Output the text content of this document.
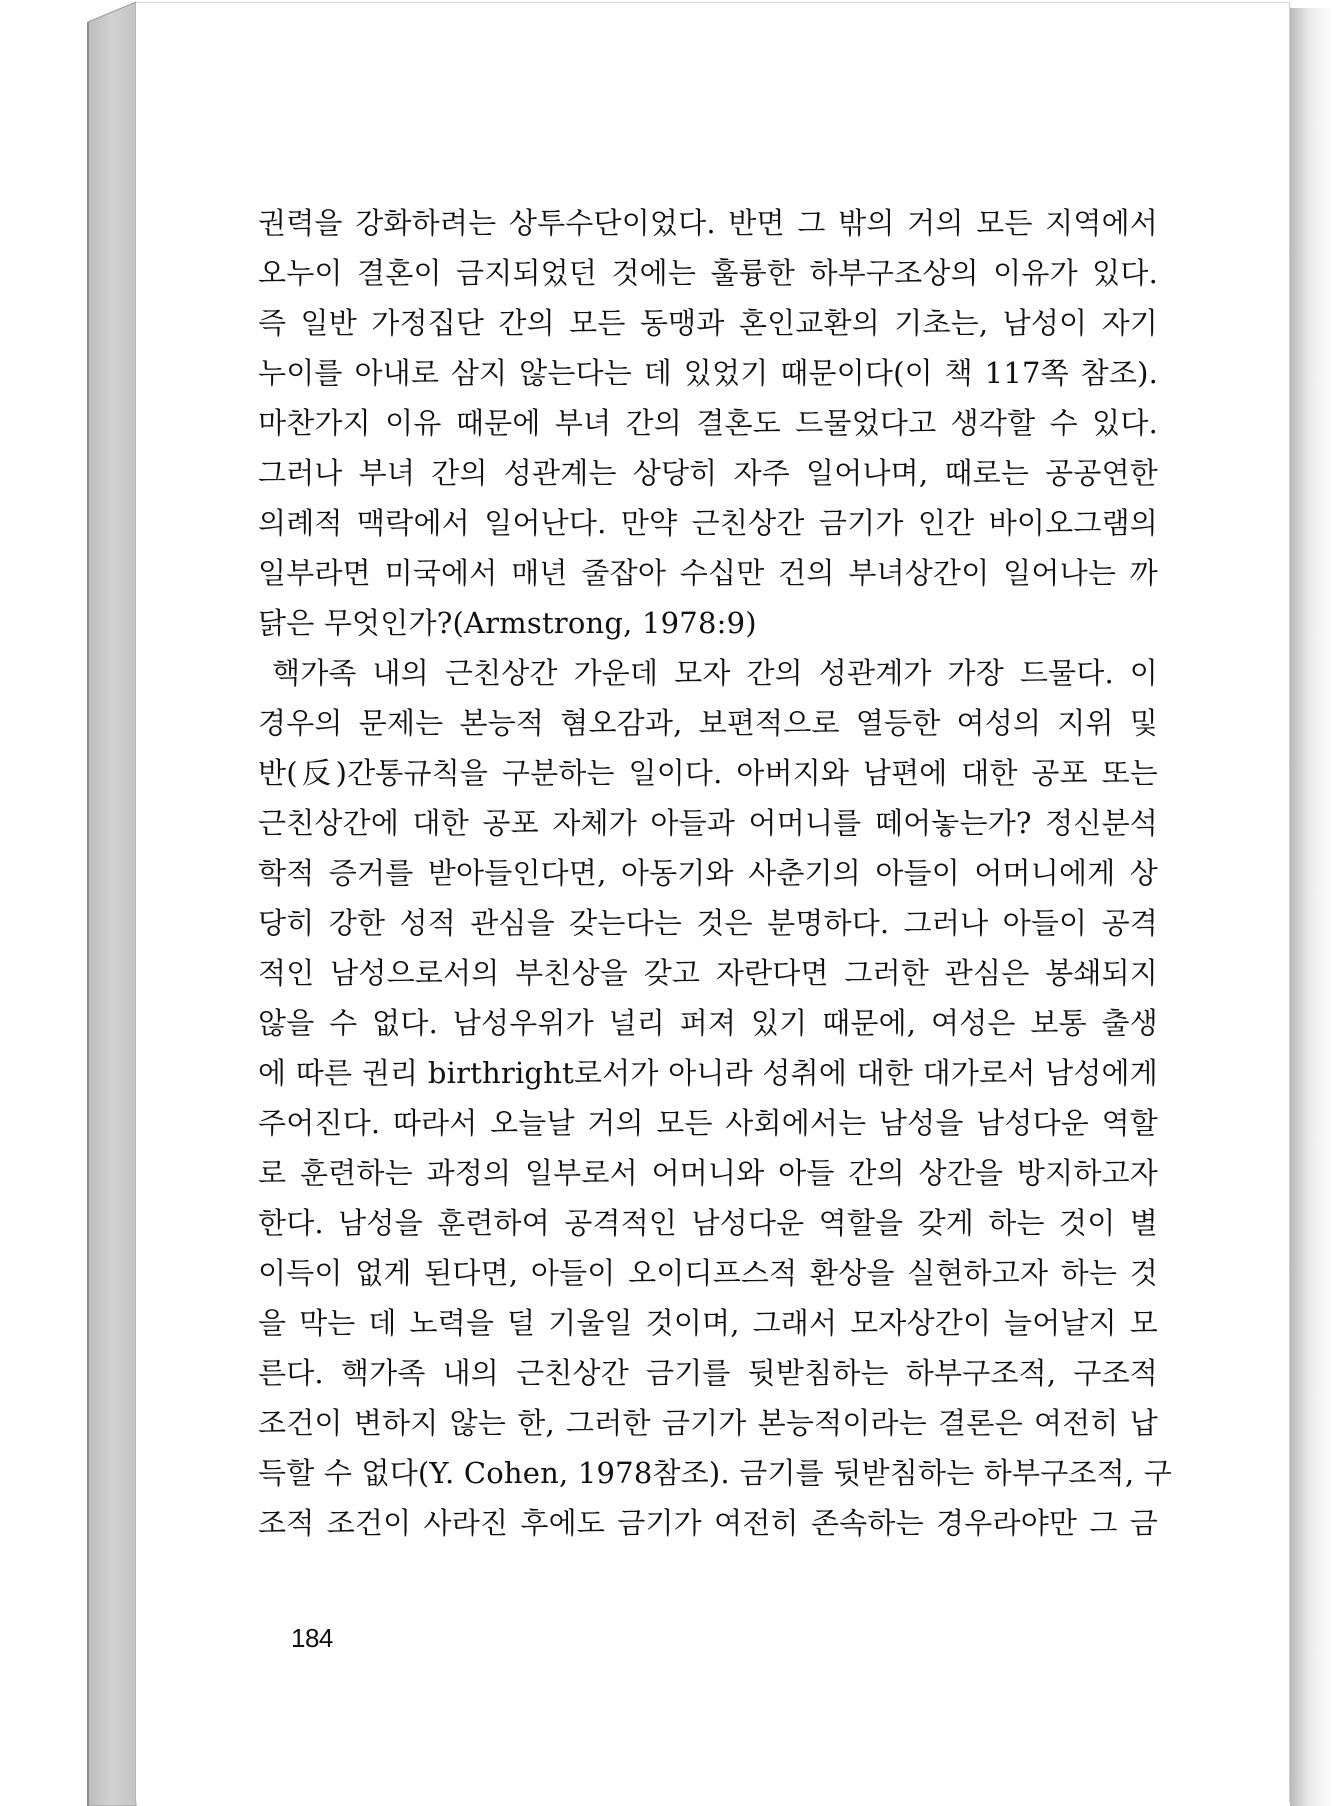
권력을 강화하려는 상투수단이었다. 반면 그 밖의 거의 모든 지역에서
오누이 결혼이 금지되었던 것에는 훌륭한 하부구조상의 이유가 있다.
즉 일반 가정집단 간의 모든 동맹과 혼인교환의 기초는, 남성이 자기
누이를 아내로 삼지 않는다는 데 있었기 때문이다(이 책 117쪽 참조).
마찬가지 이유 때문에 부녀 간의 결혼도 드물었다고 생각할 수 있다.
그러나 부녀 간의 성관계는 상당히 자주 일어나며, 때로는 공공연한
의례적 맥락에서 일어난다. 만약 근친상간 금기가 인간 바이오그램의
일부라면 미국에서 매년 줄잡아 수십만 건의 부녀상간이 일어나는 까
닭은 무엇인가?(Armstrong, 1978:9)
핵가족 내의 근친상간 가운데 모자 간의 성관계가 가장 드물다. 이
경우의 문제는 본능적 혐오감과, 보편적으로 열등한 여성의 지위 및
반(反)간통규칙을 구분하는 일이다. 아버지와 남편에 대한 공포 또는
근친상간에 대한 공포 자체가 아들과 어머니를 떼어놓는가? 정신분석
학적 증거를 받아들인다면, 아동기와 사춘기의 아들이 어머니에게 상
당히 강한 성적 관심을 갖는다는 것은 분명하다. 그러나 아들이 공격
적인 남성으로서의 부친상을 갖고 자란다면 그러한 관심은 봉쇄되지
않을 수 없다. 남성우위가 널리 퍼져 있기 때문에, 여성은 보통 출생
에 따른 권리 birthright로서가 아니라 성취에 대한 대가로서 남성에게
주어진다. 따라서 오늘날 거의 모든 사회에서는 남성을 남성다운 역할
로 훈련하는 과정의 일부로서 어머니와 아들 간의 상간을 방지하고자
한다. 남성을 훈련하여 공격적인 남성다운 역할을 갖게 하는 것이 별
이득이 없게 된다면, 아들이 오이디프스적 환상을 실현하고자 하는 것
을 막는 데 노력을 덜 기울일 것이며, 그래서 모자상간이 늘어날지 모
른다. 핵가족 내의 근친상간 금기를 뒷받침하는 하부구조적, 구조적
조건이 변하지 않는 한, 그러한 금기가 본능적이라는 결론은 여전히 납
득할 수 없다(Y. Cohen, 1978참조). 금기를 뒷받침하는 하부구조적, 구
조적 조건이 사라진 후에도 금기가 여전히 존속하는 경우라야만 그 금
184
